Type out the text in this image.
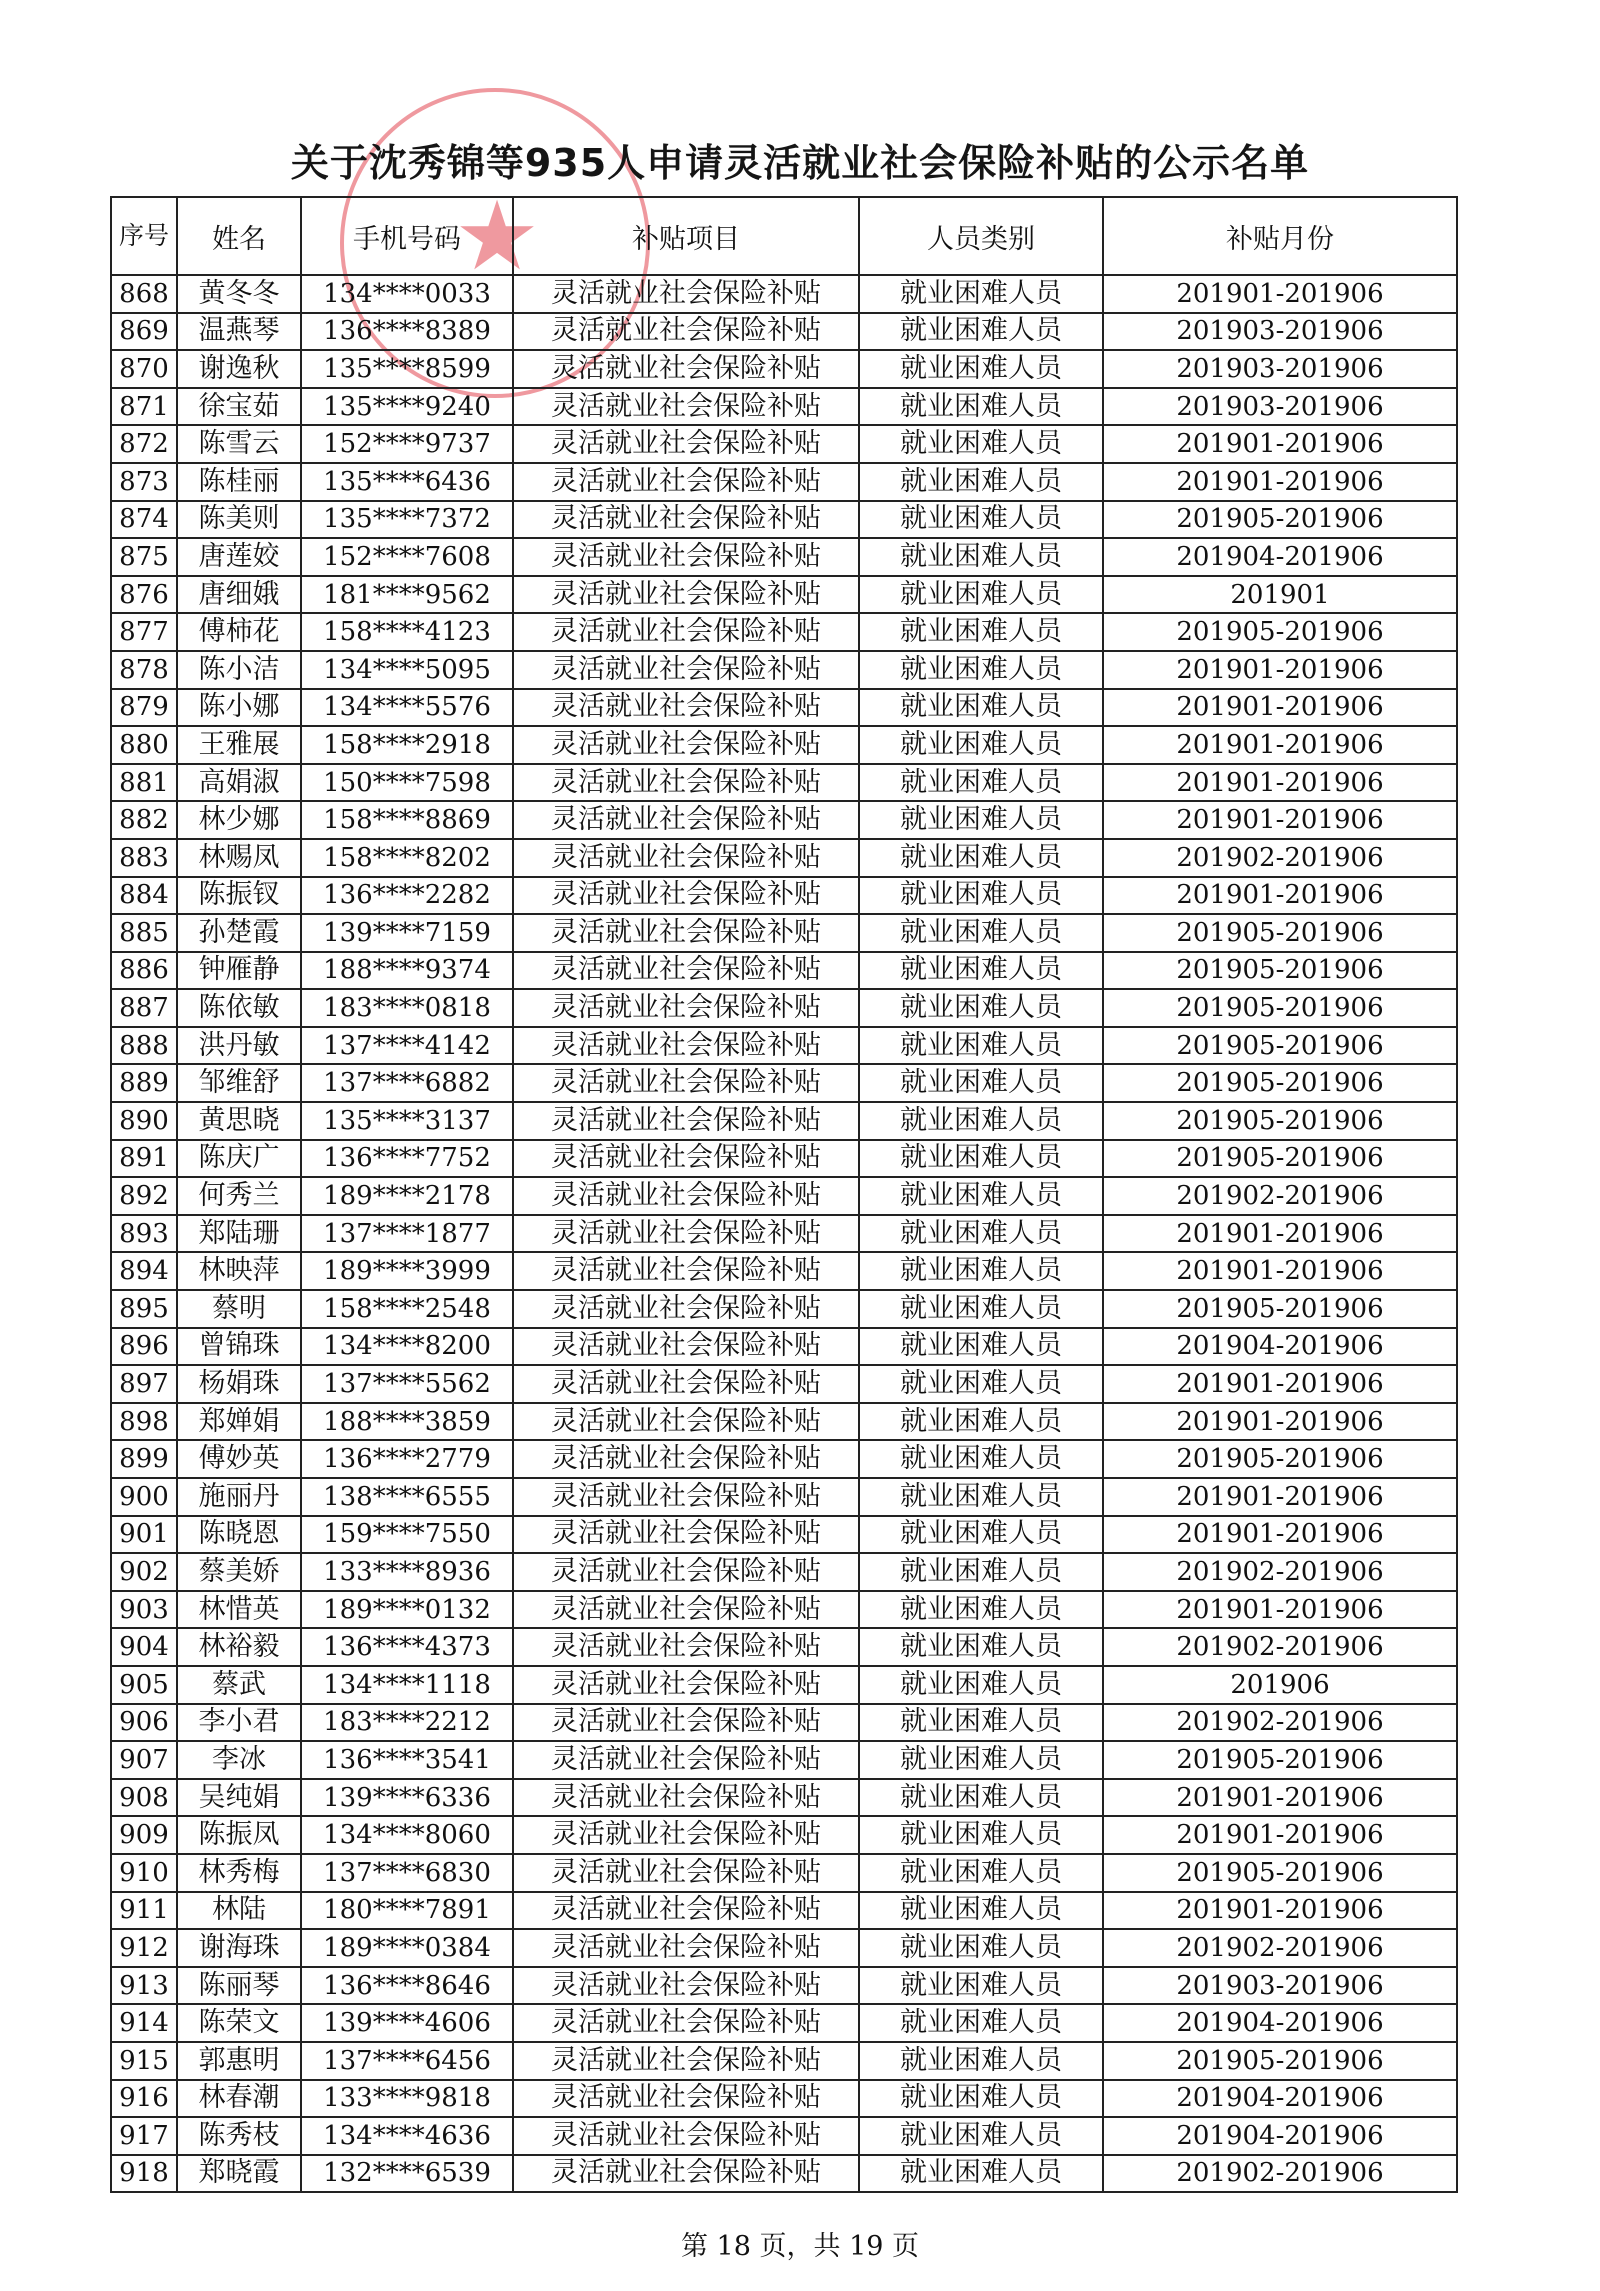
★
关于沈秀锦等935人申请灵活就业社会保险补贴的公示名单
序号	姓名	手机号码	补贴项目	人员类别	补贴月份
868	黄冬冬	134****0033	灵活就业社会保险补贴	就业困难人员	201901-201906
869	温燕琴	136****8389	灵活就业社会保险补贴	就业困难人员	201903-201906
870	谢逸秋	135****8599	灵活就业社会保险补贴	就业困难人员	201903-201906
871	徐宝茹	135****9240	灵活就业社会保险补贴	就业困难人员	201903-201906
872	陈雪云	152****9737	灵活就业社会保险补贴	就业困难人员	201901-201906
873	陈桂丽	135****6436	灵活就业社会保险补贴	就业困难人员	201901-201906
874	陈美则	135****7372	灵活就业社会保险补贴	就业困难人员	201905-201906
875	唐莲姣	152****7608	灵活就业社会保险补贴	就业困难人员	201904-201906
876	唐细娥	181****9562	灵活就业社会保险补贴	就业困难人员	201901
877	傅柿花	158****4123	灵活就业社会保险补贴	就业困难人员	201905-201906
878	陈小洁	134****5095	灵活就业社会保险补贴	就业困难人员	201901-201906
879	陈小娜	134****5576	灵活就业社会保险补贴	就业困难人员	201901-201906
880	王雅展	158****2918	灵活就业社会保险补贴	就业困难人员	201901-201906
881	高娟淑	150****7598	灵活就业社会保险补贴	就业困难人员	201901-201906
882	林少娜	158****8869	灵活就业社会保险补贴	就业困难人员	201901-201906
883	林赐凤	158****8202	灵活就业社会保险补贴	就业困难人员	201902-201906
884	陈振钗	136****2282	灵活就业社会保险补贴	就业困难人员	201901-201906
885	孙楚霞	139****7159	灵活就业社会保险补贴	就业困难人员	201905-201906
886	钟雁静	188****9374	灵活就业社会保险补贴	就业困难人员	201905-201906
887	陈依敏	183****0818	灵活就业社会保险补贴	就业困难人员	201905-201906
888	洪丹敏	137****4142	灵活就业社会保险补贴	就业困难人员	201905-201906
889	邹维舒	137****6882	灵活就业社会保险补贴	就业困难人员	201905-201906
890	黄思晓	135****3137	灵活就业社会保险补贴	就业困难人员	201905-201906
891	陈庆广	136****7752	灵活就业社会保险补贴	就业困难人员	201905-201906
892	何秀兰	189****2178	灵活就业社会保险补贴	就业困难人员	201902-201906
893	郑陆珊	137****1877	灵活就业社会保险补贴	就业困难人员	201901-201906
894	林映萍	189****3999	灵活就业社会保险补贴	就业困难人员	201901-201906
895	蔡明	158****2548	灵活就业社会保险补贴	就业困难人员	201905-201906
896	曾锦珠	134****8200	灵活就业社会保险补贴	就业困难人员	201904-201906
897	杨娟珠	137****5562	灵活就业社会保险补贴	就业困难人员	201901-201906
898	郑婵娟	188****3859	灵活就业社会保险补贴	就业困难人员	201901-201906
899	傅妙英	136****2779	灵活就业社会保险补贴	就业困难人员	201905-201906
900	施丽丹	138****6555	灵活就业社会保险补贴	就业困难人员	201901-201906
901	陈晓恩	159****7550	灵活就业社会保险补贴	就业困难人员	201901-201906
902	蔡美娇	133****8936	灵活就业社会保险补贴	就业困难人员	201902-201906
903	林惜英	189****0132	灵活就业社会保险补贴	就业困难人员	201901-201906
904	林裕毅	136****4373	灵活就业社会保险补贴	就业困难人员	201902-201906
905	蔡武	134****1118	灵活就业社会保险补贴	就业困难人员	201906
906	李小君	183****2212	灵活就业社会保险补贴	就业困难人员	201902-201906
907	李冰	136****3541	灵活就业社会保险补贴	就业困难人员	201905-201906
908	吴纯娟	139****6336	灵活就业社会保险补贴	就业困难人员	201901-201906
909	陈振凤	134****8060	灵活就业社会保险补贴	就业困难人员	201901-201906
910	林秀梅	137****6830	灵活就业社会保险补贴	就业困难人员	201905-201906
911	林陆	180****7891	灵活就业社会保险补贴	就业困难人员	201901-201906
912	谢海珠	189****0384	灵活就业社会保险补贴	就业困难人员	201902-201906
913	陈丽琴	136****8646	灵活就业社会保险补贴	就业困难人员	201903-201906
914	陈荣文	139****4606	灵活就业社会保险补贴	就业困难人员	201904-201906
915	郭惠明	137****6456	灵活就业社会保险补贴	就业困难人员	201905-201906
916	林春潮	133****9818	灵活就业社会保险补贴	就业困难人员	201904-201906
917	陈秀枝	134****4636	灵活就业社会保险补贴	就业困难人员	201904-201906
918	郑晓霞	132****6539	灵活就业社会保险补贴	就业困难人员	201902-201906
第 18 页，共 19 页
